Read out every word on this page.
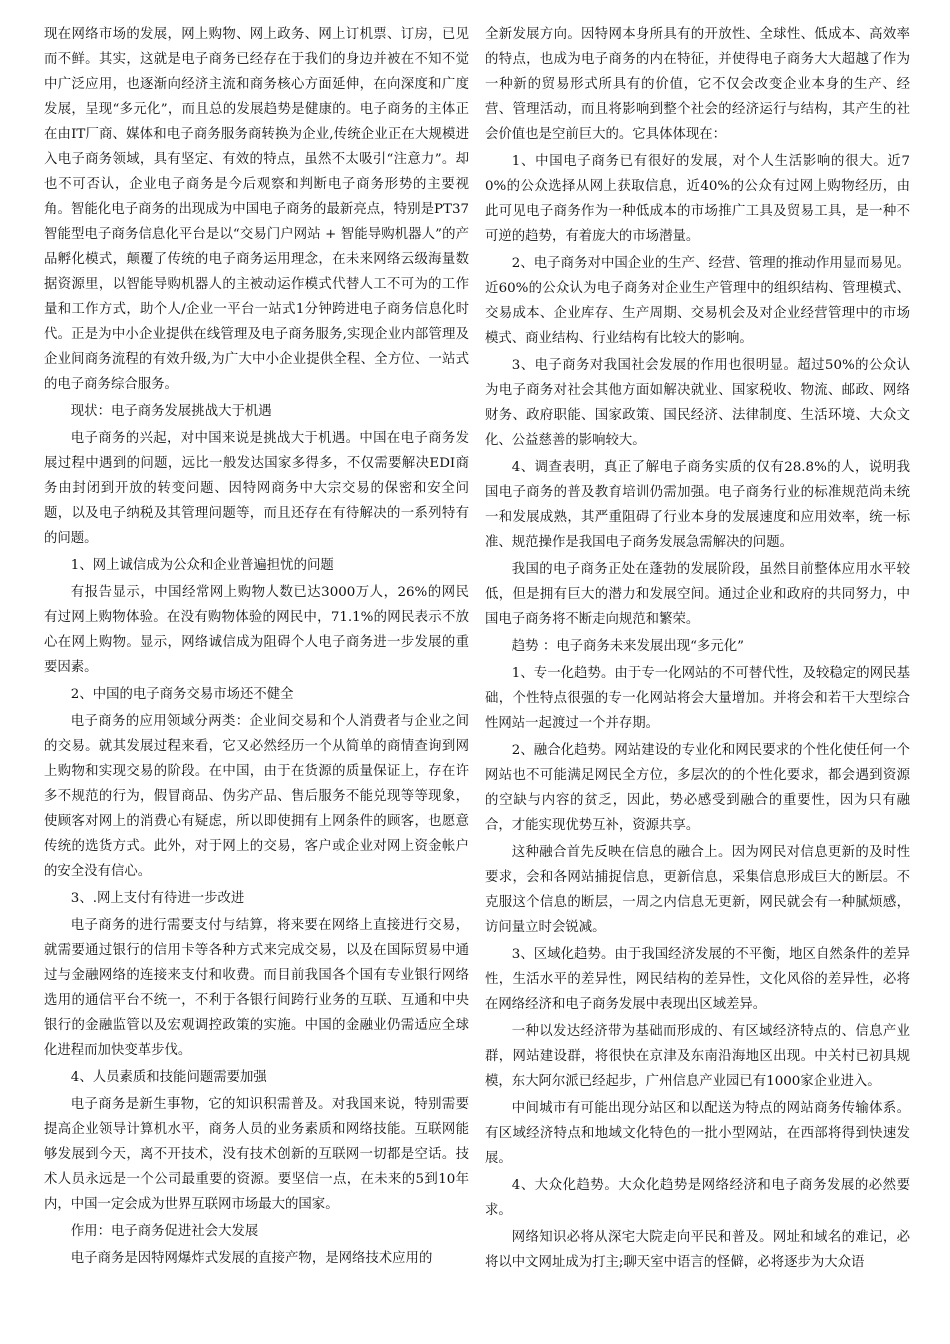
现在网络市场的发展，网上购物、网上政务、网上订机票、订房，已见而不鲜。其实，这就是电子商务已经存在于我们的身边并被在不知不觉中广泛应用，也逐渐向经济主流和商务核心方面延伸，在向深度和广度发展，呈现“多元化”，而且总的发展趋势是健康的。电子商务的主体正在由IT厂商、媒体和电子商务服务商转换为企业,传统企业正在大规模进入电子商务领域，具有坚定、有效的特点，虽然不太吸引“注意力”。却也不可否认，企业电子商务是今后观察和判断电子商务形势的主要视角。智能化电子商务的出现成为中国电子商务的最新亮点，特别是PT37智能型电子商务信息化平台是以“交易门户网站 + 智能导购机器人”的产品孵化模式，颠覆了传统的电子商务运用理念，在未来网络云级海量数据资源里，以智能导购机器人的主被动运作模式代替人工不可为的工作量和工作方式，助个人/企业一平台一站式1分钟跨进电子商务信息化时代。正是为中小企业提供在线管理及电子商务服务,实现企业内部管理及企业间商务流程的有效升级,为广大中小企业提供全程、全方位、一站式的电子商务综合服务。

现状：电子商务发展挑战大于机遇

电子商务的兴起，对中国来说是挑战大于机遇。中国在电子商务发展过程中遇到的问题，远比一般发达国家多得多，不仅需要解决EDI商务由封闭到开放的转变问题、因特网商务中大宗交易的保密和安全问题，以及电子纳税及其管理问题等，而且还存在有待解决的一系列特有的问题。

1、网上诚信成为公众和企业普遍担忧的问题

有报告显示，中国经常网上购物人数已达3000万人，26%的网民有过网上购物体验。在没有购物体验的网民中，71.1%的网民表示不放心在网上购物。显示，网络诚信成为阻碍个人电子商务进一步发展的重要因素。

2、中国的电子商务交易市场还不健全

电子商务的应用领域分两类：企业间交易和个人消费者与企业之间的交易。就其发展过程来看，它又必然经历一个从简单的商情查询到网上购物和实现交易的阶段。在中国，由于在货源的质量保证上，存在许多不规范的行为，假冒商品、伪劣产品、售后服务不能兑现等等现象，使顾客对网上的消费心有疑虑，所以即使拥有上网条件的顾客，也愿意传统的选货方式。此外，对于网上的交易，客户或企业对网上资金帐户的安全没有信心。

3、.网上支付有待进一步改进

电子商务的进行需要支付与结算，将来要在网络上直接进行交易，就需要通过银行的信用卡等各种方式来完成交易，以及在国际贸易中通过与金融网络的连接来支付和收费。而目前我国各个国有专业银行网络选用的通信平台不统一，不利于各银行间跨行业务的互联、互通和中央银行的金融监管以及宏观调控政策的实施。中国的金融业仍需适应全球化进程而加快变革步伐。

4、人员素质和技能问题需要加强

电子商务是新生事物，它的知识积需普及。对我国来说，特别需要提高企业领导计算机水平，商务人员的业务素质和网络技能。互联网能够发展到今天，离不开技术，没有技术创新的互联网一切都是空话。技术人员永远是一个公司最重要的资源。要坚信一点，在未来的5到10年内，中国一定会成为世界互联网市场最大的国家。

作用：电子商务促进社会大发展

电子商务是因特网爆炸式发展的直接产物，是网络技术应用的

全新发展方向。因特网本身所具有的开放性、全球性、低成本、高效率的特点，也成为电子商务的内在特征，并使得电子商务大大超越了作为一种新的贸易形式所具有的价值，它不仅会改变企业本身的生产、经营、管理活动，而且将影响到整个社会的经济运行与结构，其产生的社会价值也是空前巨大的。它具体体现在：

1、中国电子商务已有很好的发展，对个人生活影响的很大。近70%的公众选择从网上获取信息，近40%的公众有过网上购物经历，由此可见电子商务作为一种低成本的市场推广工具及贸易工具，是一种不可逆的趋势，有着庞大的市场潜量。

2、电子商务对中国企业的生产、经营、管理的推动作用显而易见。近60%的公众认为电子商务对企业生产管理中的组织结构、管理模式、交易成本、企业库存、生产周期、交易机会及对企业经营管理中的市场模式、商业结构、行业结构有比较大的影响。

3、电子商务对我国社会发展的作用也很明显。超过50%的公众认为电子商务对社会其他方面如解决就业、国家税收、物流、邮政、网络财务、政府职能、国家政策、国民经济、法律制度、生活环境、大众文化、公益慈善的影响较大。

4、调查表明，真正了解电子商务实质的仅有28.8%的人，说明我国电子商务的普及教育培训仍需加强。电子商务行业的标准规范尚未统一和发展成熟，其严重阻碍了行业本身的发展速度和应用效率，统一标准、规范操作是我国电子商务发展急需解决的问题。

我国的电子商务正处在蓬勃的发展阶段，虽然目前整体应用水平较低，但是拥有巨大的潜力和发展空间。通过企业和政府的共同努力，中国电子商务将不断走向规范和繁荣。

趋势 ：电子商务未来发展出现“多元化”

1、专一化趋势。由于专一化网站的不可替代性，及较稳定的网民基础，个性特点很强的专一化网站将会大量增加。并将会和若干大型综合性网站一起渡过一个并存期。

2、融合化趋势。网站建设的专业化和网民要求的个性化使任何一个网站也不可能满足网民全方位，多层次的的个性化要求，都会遇到资源的空缺与内容的贫乏，因此，势必感受到融合的重要性，因为只有融合，才能实现优势互补，资源共享。

这种融合首先反映在信息的融合上。因为网民对信息更新的及时性要求，会和各网站捕捉信息，更新信息，采集信息形成巨大的断层。不克服这个信息的断层，一周之内信息无更新，网民就会有一种腻烦感，访问量立时会锐减。

3、区域化趋势。由于我国经济发展的不平衡，地区自然条件的差异性，生活水平的差异性，网民结构的差异性，文化风俗的差异性，必将在网络经济和电子商务发展中表现出区域差异。

一种以发达经济带为基础而形成的、有区域经济特点的、信息产业群，网站建设群，将很快在京津及东南沿海地区出现。中关村已初具规模，东大阿尔派已经起步，广州信息产业园已有1000家企业进入。

中间城市有可能出现分站区和以配送为特点的网站商务传输体系。有区域经济特点和地域文化特色的一批小型网站，在西部将得到快速发展。

4、大众化趋势。大众化趋势是网络经济和电子商务发展的必然要求。

网络知识必将从深宅大院走向平民和普及。网址和域名的难记，必将以中文网址成为打主;聊天室中语言的怪僻，必将逐步为大众语
